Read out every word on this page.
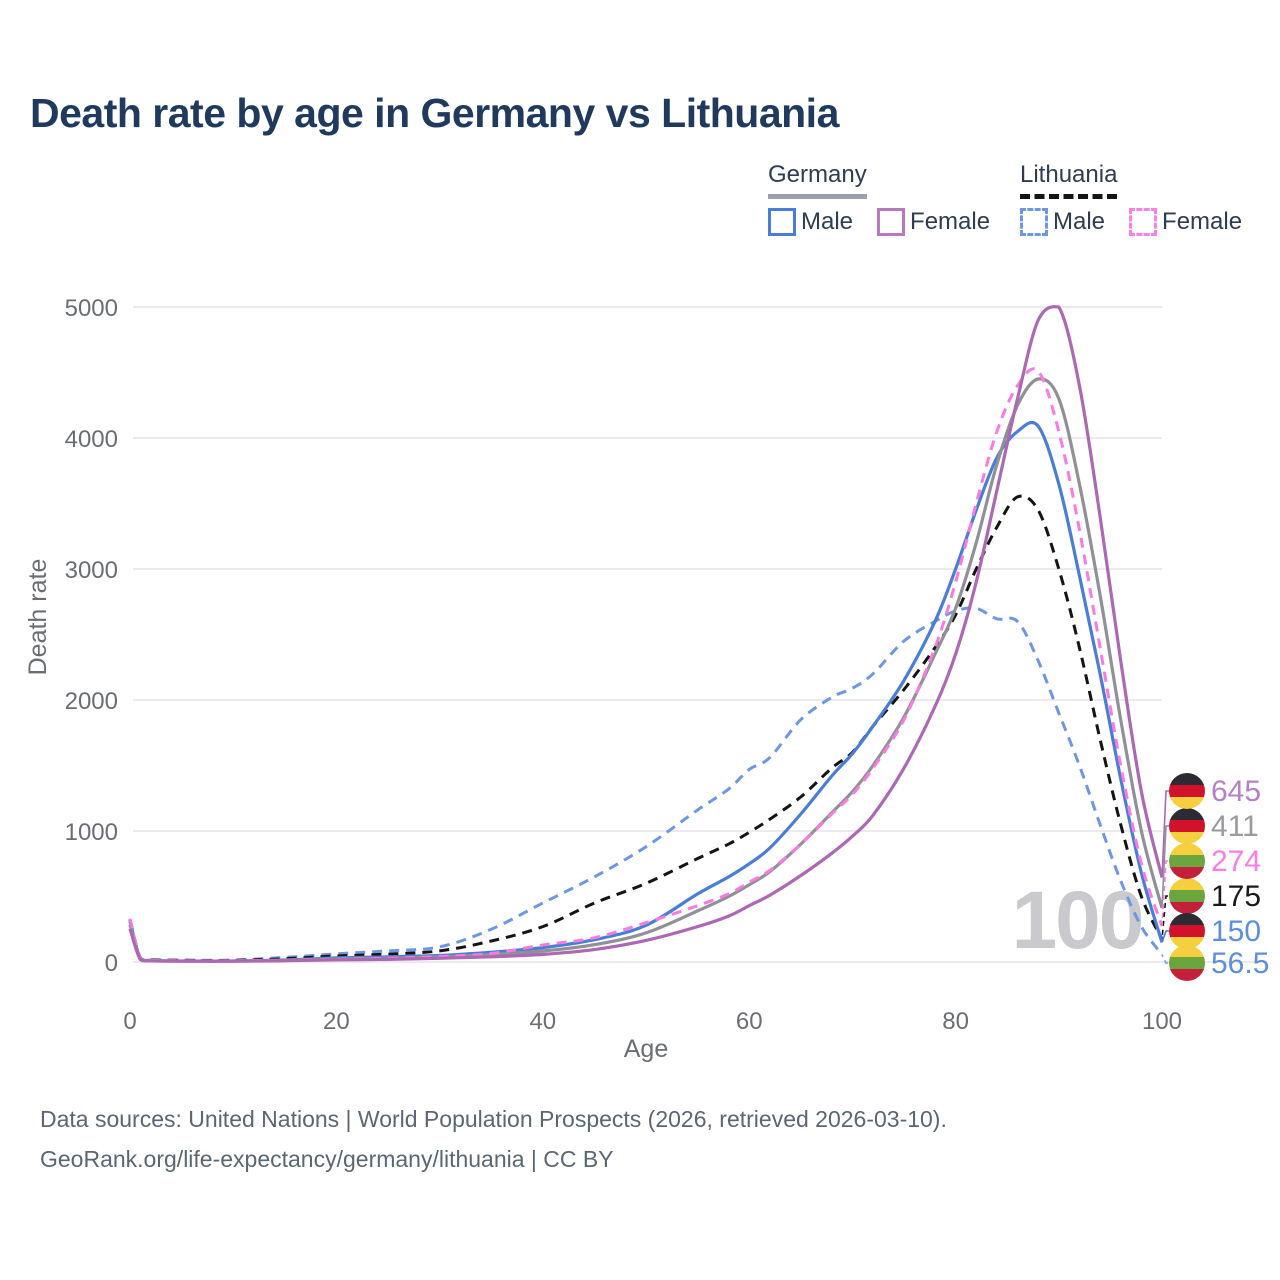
Death rate by age in Germany vs Lithuania
Germany
Male Female
Lithuania
Male Female
0
1000
2000
3000
4000
5000
0	20	40	60	80	100
Age
Death rate
100 56.5
175
150
411
274
645
Data sources: United Nations | World Population Prospects (2026, retrieved 2026-03-10).
GeoRank.org/life-expectancy/germany/lithuania | CC BY
